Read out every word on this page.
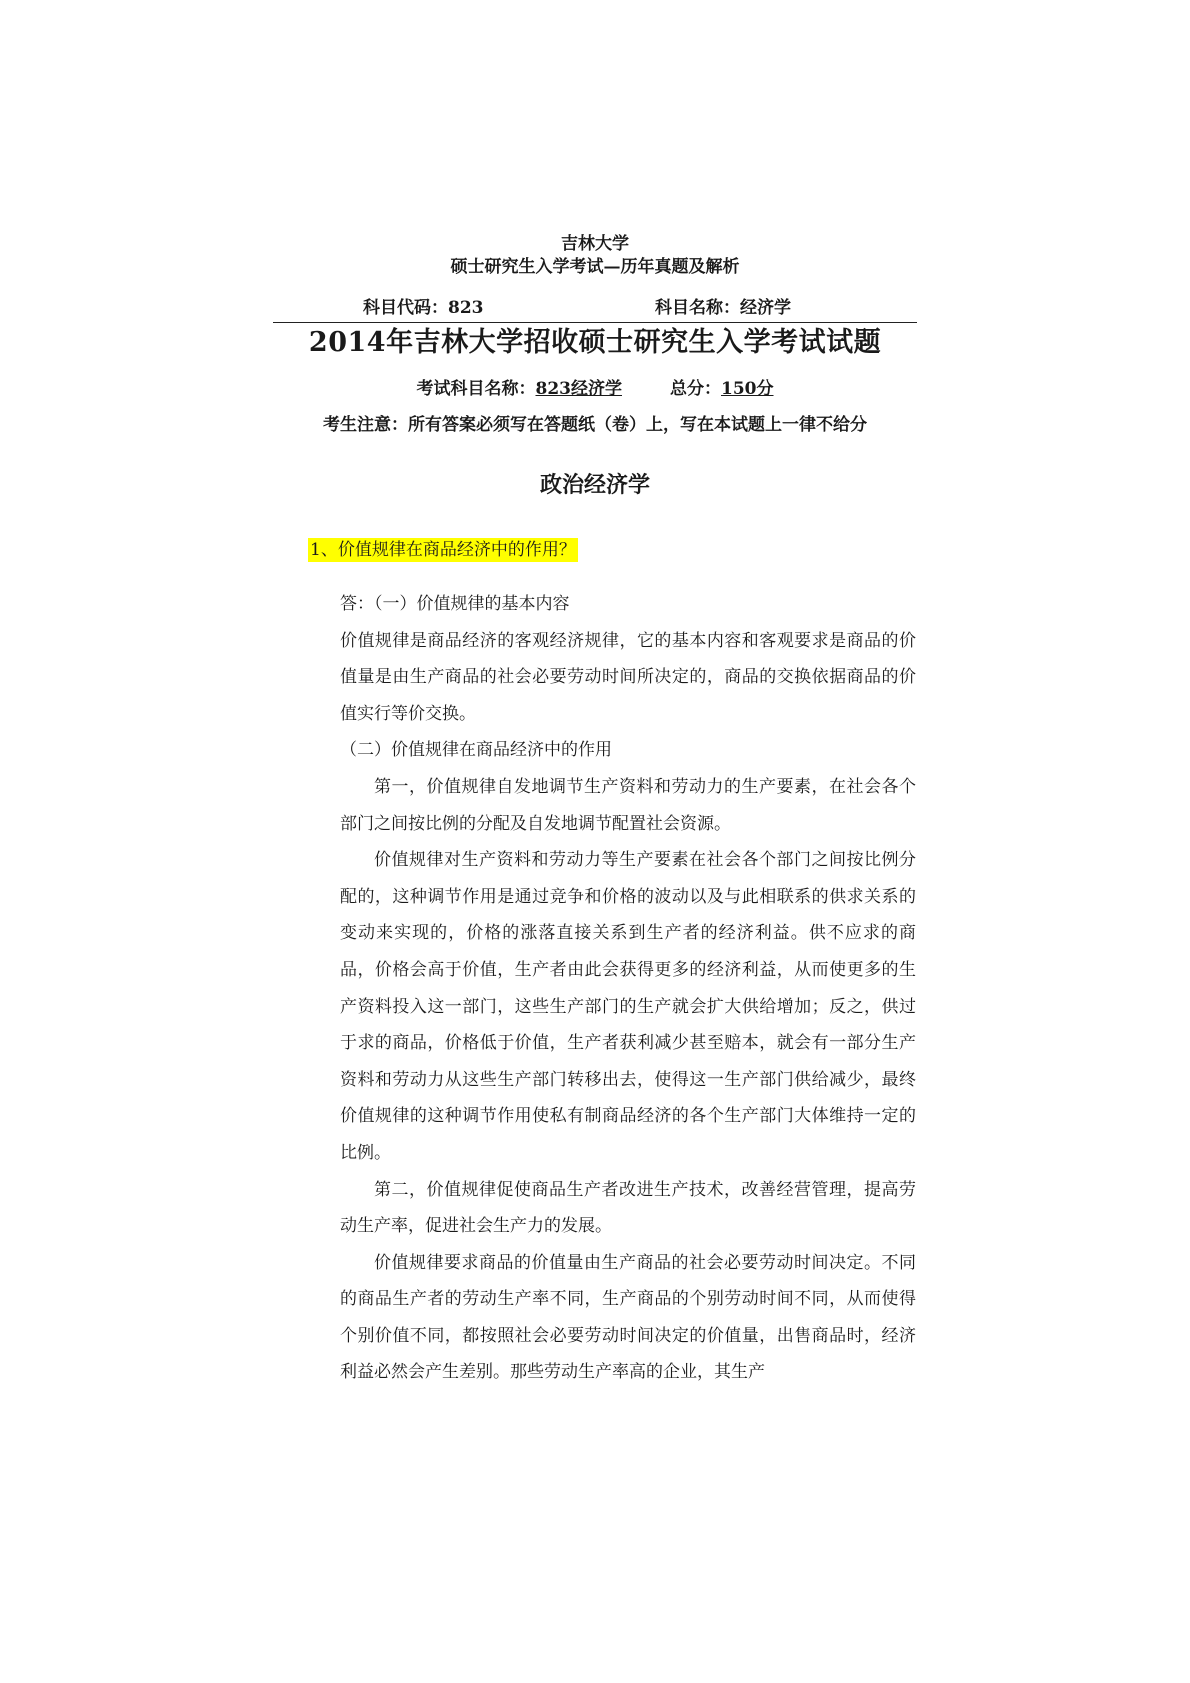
吉林大学
硕士研究生入学考试—历年真题及解析
科目代码：823	科目名称：经济学
2014年吉林大学招收硕士研究生入学考试试题
考试科目名称：823经济学	总分：150分
考生注意：所有答案必须写在答题纸（卷）上，写在本试题上一律不给分
政治经济学
1、价值规律在商品经济中的作用？

答：（一）价值规律的基本内容

价值规律是商品经济的客观经济规律，它的基本内容和客观要求是商品的价值量是由生产商品的社会必要劳动时间所决定的，商品的交换依据商品的价值实行等价交换。

（二）价值规律在商品经济中的作用

第一，价值规律自发地调节生产资料和劳动力的生产要素，在社会各个部门之间按比例的分配及自发地调节配置社会资源。

价值规律对生产资料和劳动力等生产要素在社会各个部门之间按比例分配的，这种调节作用是通过竞争和价格的波动以及与此相联系的供求关系的变动来实现的，价格的涨落直接关系到生产者的经济利益。供不应求的商品，价格会高于价值，生产者由此会获得更多的经济利益，从而使更多的生产资料投入这一部门，这些生产部门的生产就会扩大供给增加；反之，供过于求的商品，价格低于价值，生产者获利减少甚至赔本，就会有一部分生产资料和劳动力从这些生产部门转移出去，使得这一生产部门供给减少，最终价值规律的这种调节作用使私有制商品经济的各个生产部门大体维持一定的比例。

第二，价值规律促使商品生产者改进生产技术，改善经营管理，提高劳动生产率，促进社会生产力的发展。

价值规律要求商品的价值量由生产商品的社会必要劳动时间决定。不同的商品生产者的劳动生产率不同，生产商品的个别劳动时间不同，从而使得个别价值不同，都按照社会必要劳动时间决定的价值量，出售商品时，经济利益必然会产生差别。那些劳动生产率高的企业，其生产
